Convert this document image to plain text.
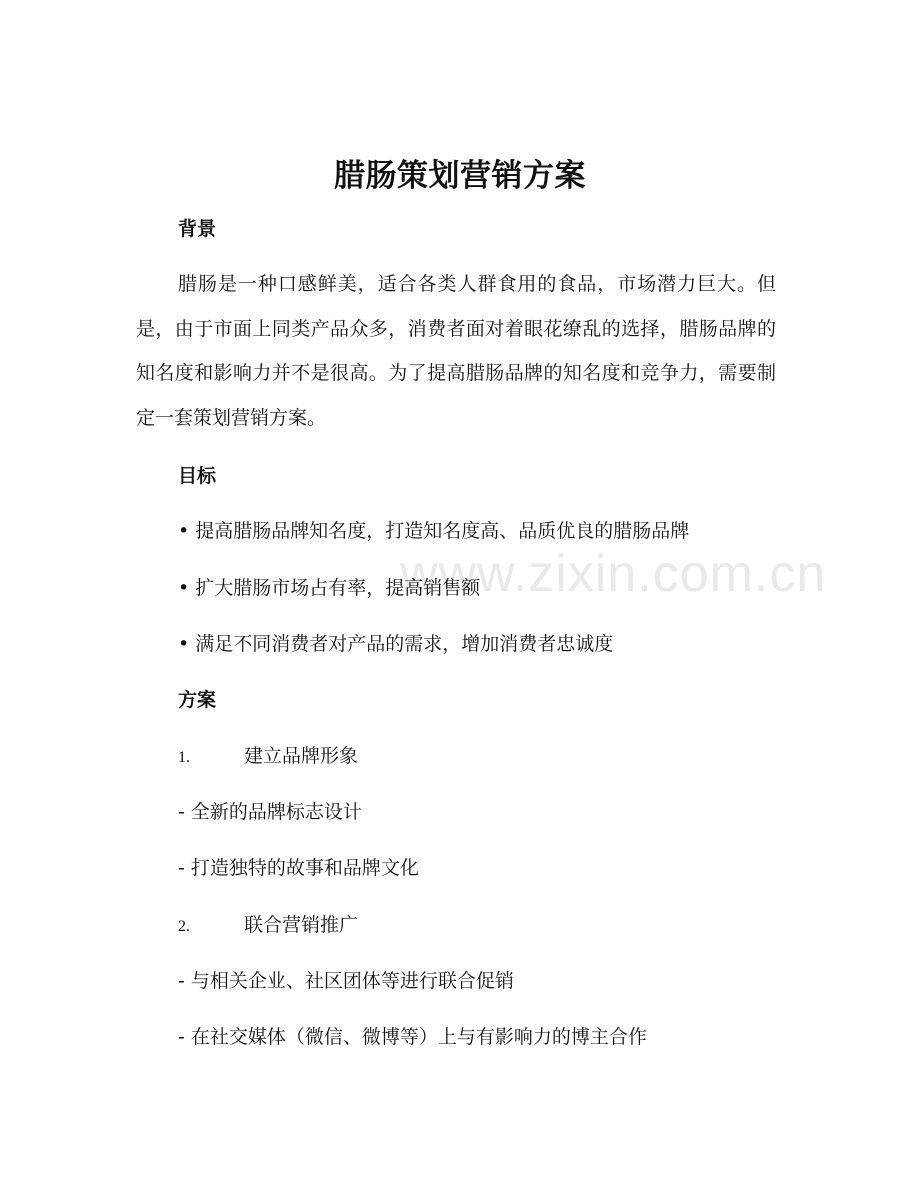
www.zixin.com.cn
腊肠策划营销方案
背景

腊肠是一种口感鲜美，适合各类人群食用的食品，市场潜力巨大。但是，由于市面上同类产品众多，消费者面对着眼花缭乱的选择，腊肠品牌的知名度和影响力并不是很高。为了提高腊肠品牌的知名度和竞争力，需要制定一套策划营销方案。

目标
• 提高腊肠品牌知名度，打造知名度高、品质优良的腊肠品牌
• 扩大腊肠市场占有率，提高销售额
• 满足不同消费者对产品的需求，增加消费者忠诚度
方案
1.	建立品牌形象
- 全新的品牌标志设计
- 打造独特的故事和品牌文化
2.	联合营销推广
- 与相关企业、社区团体等进行联合促销
- 在社交媒体（微信、微博等）上与有影响力的博主合作
